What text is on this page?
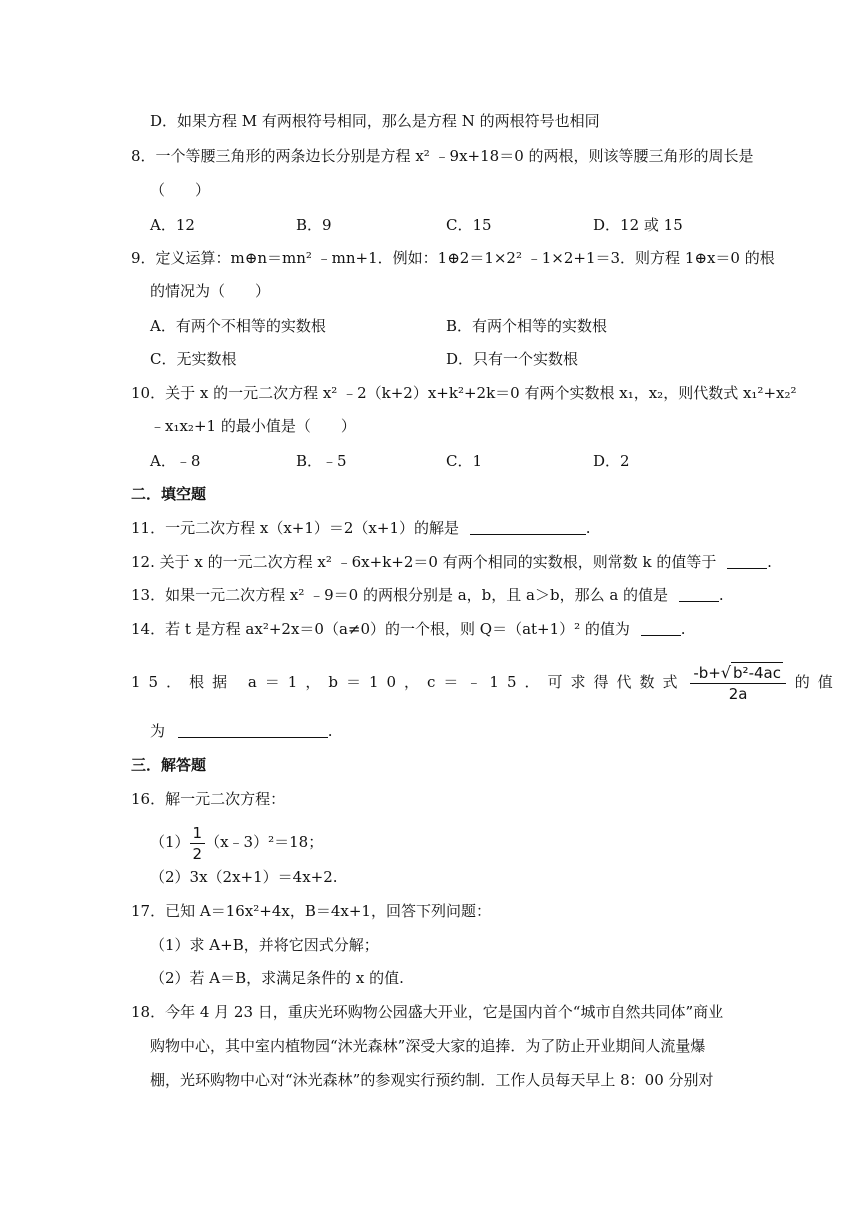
D．如果方程 M 有两根符号相同，那么是方程 N 的两根符号也相同
8．一个等腰三角形的两条边长分别是方程 x² ﹣9x+18＝0 的两根，则该等腰三角形的周长是
（　　）
A．12	B．9	C．15	D．12 或 15
9．定义运算：m⊕n＝mn² ﹣mn+1．例如：1⊕2＝1×2² ﹣1×2+1＝3．则方程 1⊕x＝0 的根
的情况为（　　）
A．有两个不相等的实数根	B．有两个相等的实数根
C．无实数根	D．只有一个实数根
10．关于 x 的一元二次方程 x² ﹣2（k+2）x+k²+2k＝0 有两个实数根 x₁，x₂，则代数式 x₁²+x₂²
﹣x₁x₂+1 的最小值是（　　）
A．﹣8	B．﹣5	C．1	D．2
二．填空题
11．一元二次方程 x（x+1）＝2（x+1）的解是	.
12. 关于 x 的一元二次方程 x² ﹣6x+k+2＝0 有两个相同的实数根，则常数 k 的值等于	.
13．如果一元二次方程 x² ﹣9＝0 的两根分别是 a，b，且 a＞b，那么 a 的值是	.
14．若 t 是方程 ax²+2x＝0（a≠0）的一个根，则 Q＝（at+1）² 的值为	.
15．根据 a＝1，b＝10，c＝﹣15．可求得代数式 $\frac{\text{-b+√ b²-4ac}}{2a}$ 的值
为	.
三．解答题
16．解一元二次方程：
$(1) \frac{1}{2}$ （x﹣3）²＝18；
（2）3x（2x+1）＝4x+2.
17．已知 A＝16x²+4x，B＝4x+1，回答下列问题：
（1）求 A+B，并将它因式分解；
（2）若 A＝B，求满足条件的 x 的值.
18．今年 4 月 23 日，重庆光环购物公园盛大开业，它是国内首个“城市自然共同体”商业
购物中心，其中室内植物园“沐光森林”深受大家的追捧．为了防止开业期间人流量爆
棚，光环购物中心对“沐光森林”的参观实行预约制．工作人员每天早上 8：00 分别对
